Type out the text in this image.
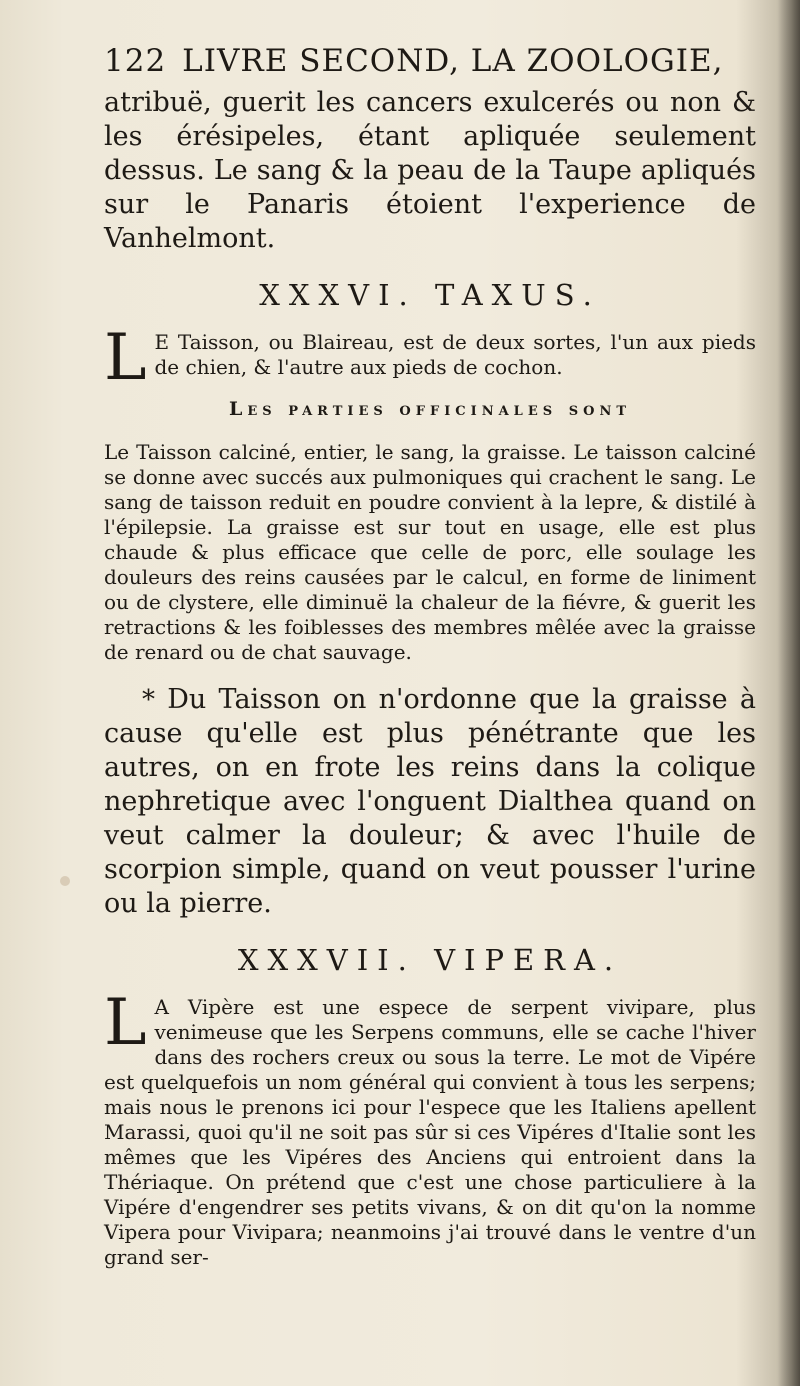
122 LIVRE SECOND, LA ZOOLOGIE,

atribuë, guerit les cancers exulcerés ou non & les érésipeles, étant apliquée seulement dessus. Le sang & la peau de la Taupe apliqués sur le Panaris étoient l'experience de Vanhelmont.

XXXVI. TAXUS.
L E Taisson, ou Blaireau, est de deux sortes, l'un aux pieds de chien, & l'autre aux pieds de cochon.
Les parties officinales sont

Le Taisson calciné, entier, le sang, la graisse. Le taisson calciné se donne avec succés aux pulmoniques qui crachent le sang. Le sang de taisson reduit en poudre convient à la lepre, & distilé à l'épilepsie. La graisse est sur tout en usage, elle est plus chaude & plus efficace que celle de porc, elle soulage les douleurs des reins causées par le calcul, en forme de liniment ou de clystere, elle diminuë la chaleur de la fiévre, & guerit les retractions & les foiblesses des membres mêlée avec la graisse de renard ou de chat sauvage.

* Du Taisson on n'ordonne que la graisse à cause qu'elle est plus pénétrante que les autres, on en frote les reins dans la colique nephretique avec l'onguent Dialthea quand on veut calmer la douleur; & avec l'huile de scorpion simple, quand on veut pousser l'urine ou la pierre.

XXXVII. VIPERA.
L A Vipère est une espece de serpent vivipare, plus venimeuse que les Serpens communs, elle se cache l'hiver dans des rochers creux ou sous la terre. Le mot de Vipére est quelquefois un nom général qui convient à tous les serpens; mais nous le prenons ici pour l'espece que les Italiens apellent Marassi, quoi qu'il ne soit pas sûr si ces Vipéres d'Italie sont les mêmes que les Vipéres des Anciens qui entroient dans la Thériaque. On prétend que c'est une chose particuliere à la Vipére d'engendrer ses petits vivans, & on dit qu'on la nomme Vipera pour Vivipara; neanmoins j'ai trouvé dans le ventre d'un grand ser-
